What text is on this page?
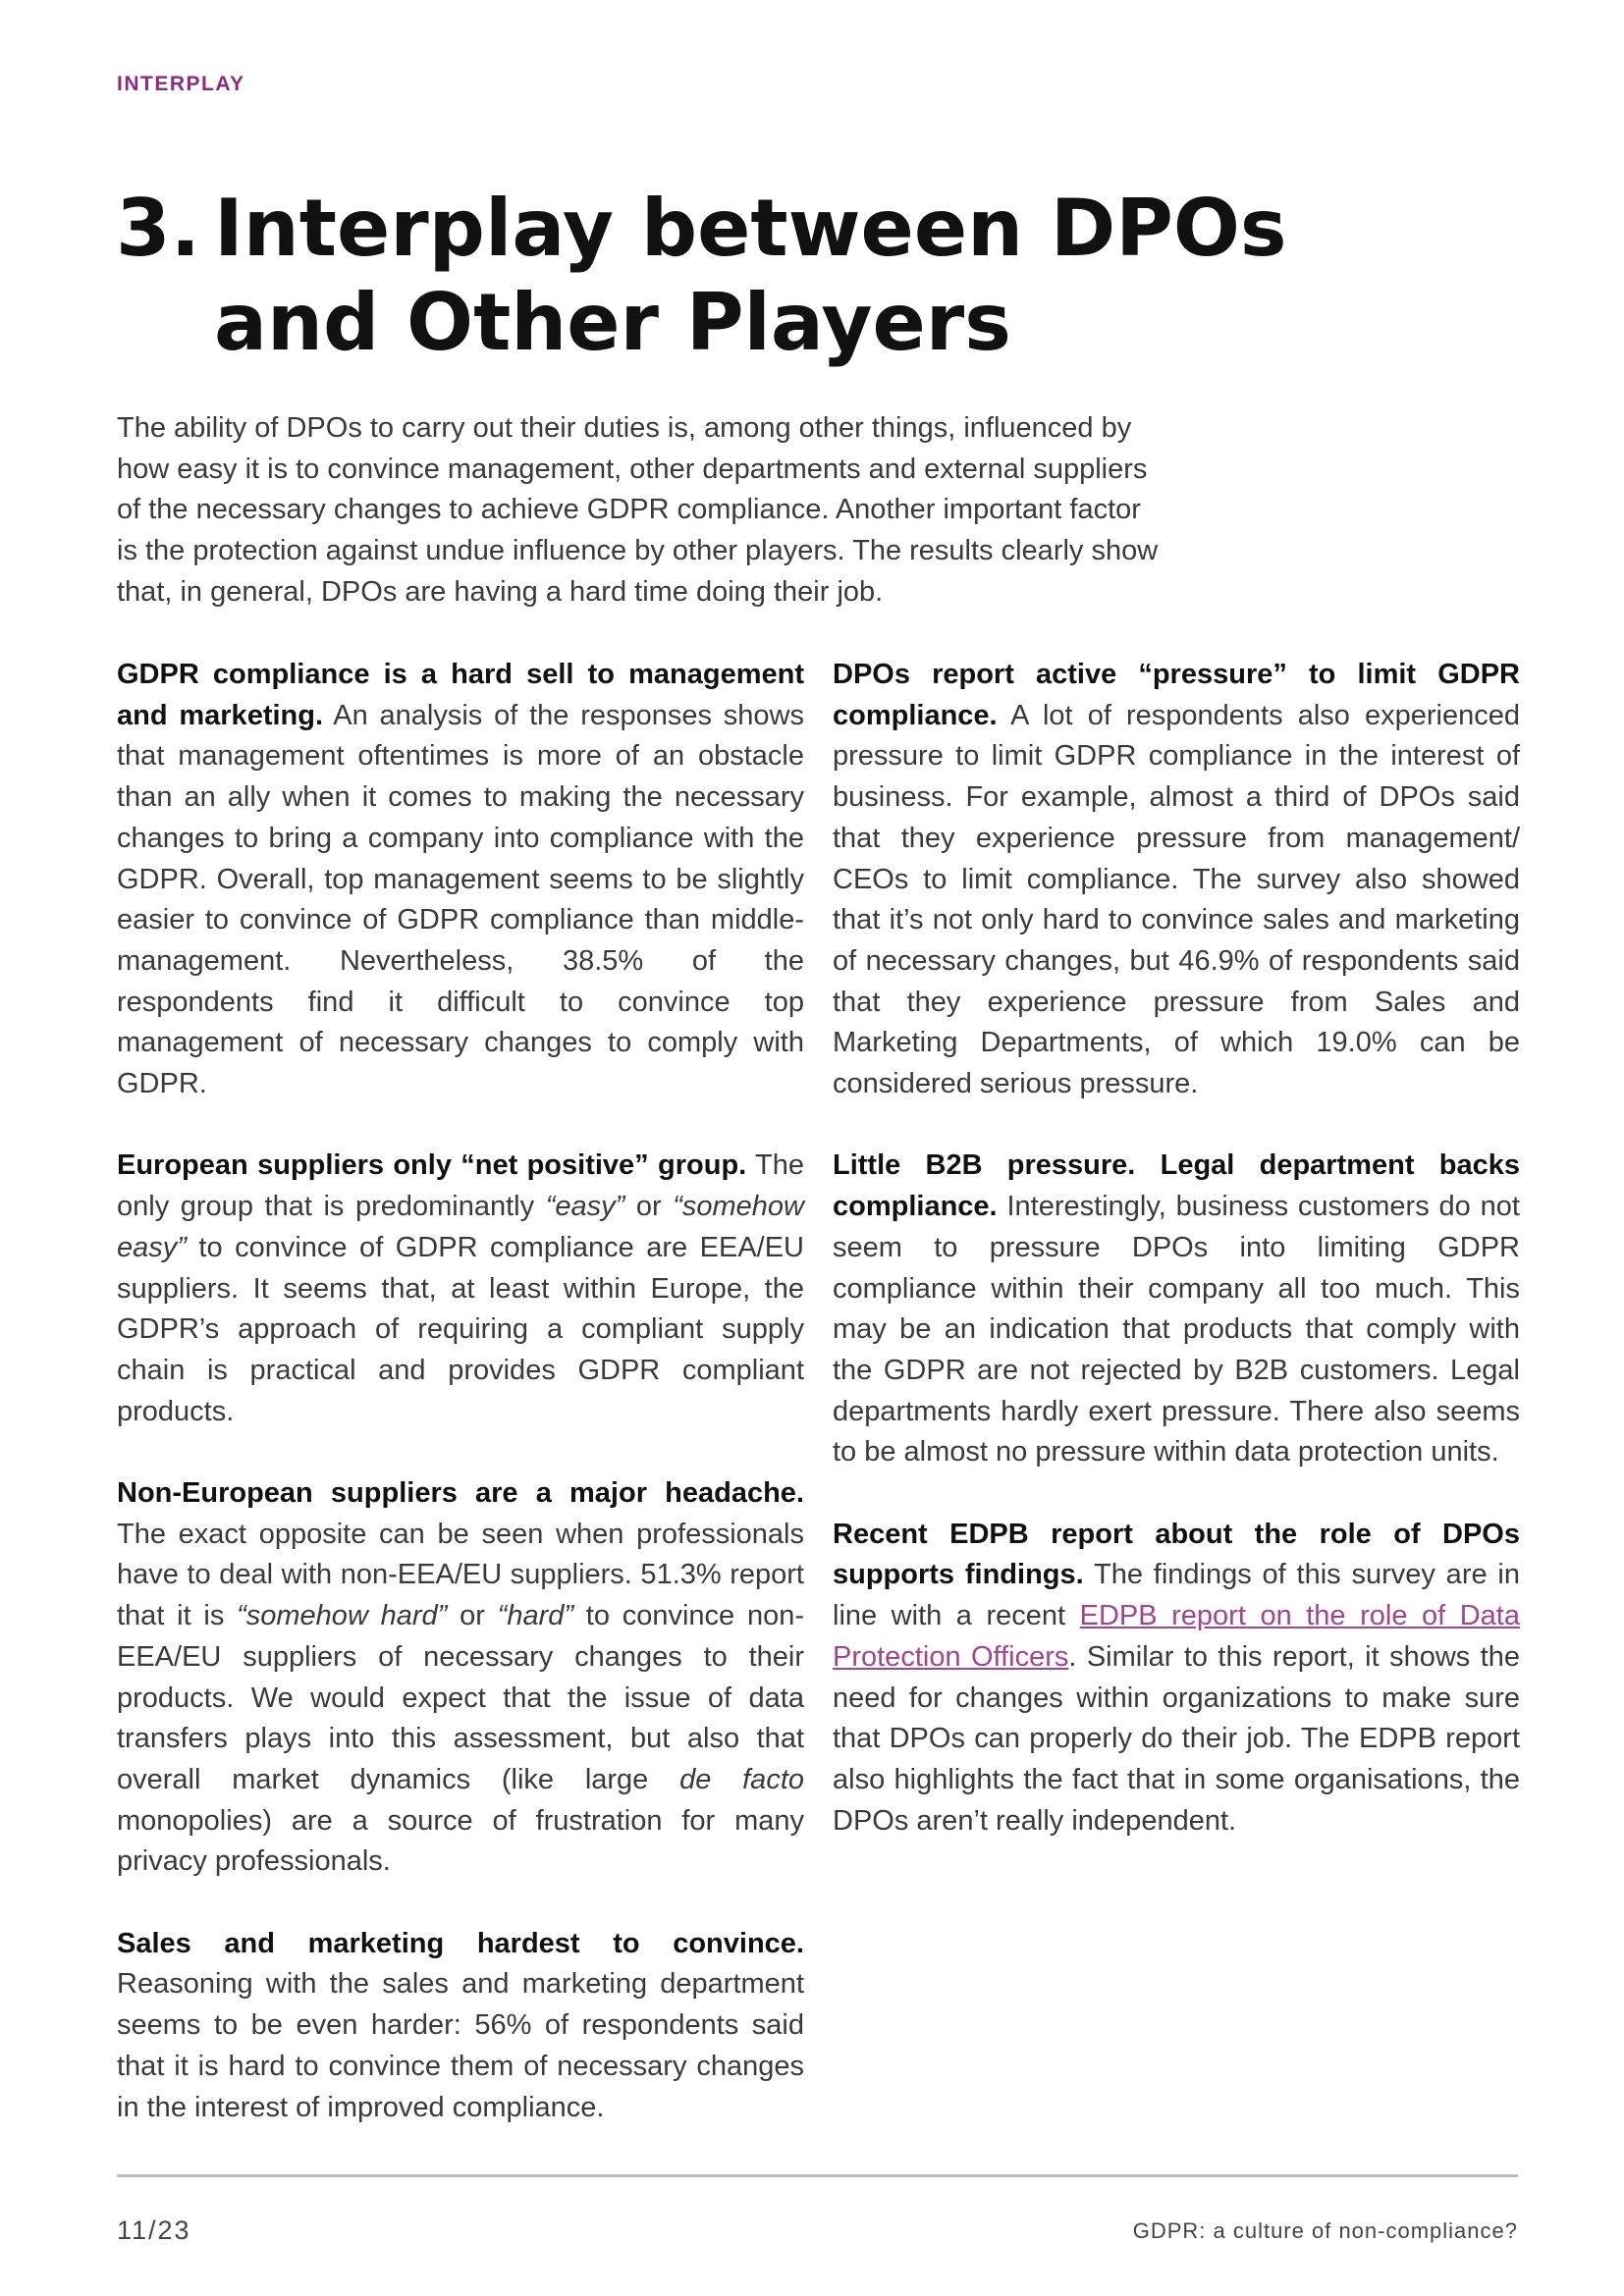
INTERPLAY
3. Interplay between DPOs and Other Players

The ability of DPOs to carry out their duties is, among other things, influenced by how easy it is to convince management, other departments and external suppliers of the necessary changes to achieve GDPR compliance. Another important factor is the protection against undue influence by other players. The results clearly show that, in general, DPOs are having a hard time doing their job.

GDPR compliance is a hard sell to management and marketing. An analysis of the responses shows that management oftentimes is more of an obstacle than an ally when it comes to making the necessary changes to bring a company into compliance with the GDPR. Overall, top management seems to be slightly easier to convince of GDPR compliance than middle-management. Nevertheless, 38.5% of the respondents find it difficult to convince top management of necessary changes to comply with GDPR.

European suppliers only “net positive” group. The only group that is predominantly “easy” or “somehow easy” to convince of GDPR compliance are EEA/EU suppliers. It seems that, at least within Europe, the GDPR’s approach of requiring a compliant supply chain is practical and provides GDPR compliant products.

Non-European suppliers are a major headache. The exact opposite can be seen when professionals have to deal with non-EEA/EU suppliers. 51.3% report that it is “somehow hard” or “hard” to convince non-EEA/EU suppliers of necessary changes to their products. We would expect that the issue of data transfers plays into this assessment, but also that overall market dynamics (like large de facto monopolies) are a source of frustration for many privacy professionals.

Sales and marketing hardest to convince. Reasoning with the sales and marketing department seems to be even harder: 56% of respondents said that it is hard to convince them of necessary changes in the interest of improved compliance.

DPOs report active “pressure” to limit GDPR compliance. A lot of respondents also experienced pressure to limit GDPR compliance in the interest of business. For example, almost a third of DPOs said that they experience pressure from management/ CEOs to limit compliance. The survey also showed that it’s not only hard to convince sales and marketing of necessary changes, but 46.9% of respondents said that they experience pressure from Sales and Marketing Departments, of which 19.0% can be considered serious pressure.

Little B2B pressure. Legal department backs compliance. Interestingly, business customers do not seem to pressure DPOs into limiting GDPR compliance within their company all too much. This may be an indication that products that comply with the GDPR are not rejected by B2B customers. Legal departments hardly exert pressure. There also seems to be almost no pressure within data protection units.

Recent EDPB report about the role of DPOs supports findings. The findings of this survey are in line with a recent EDPB report on the role of Data Protection Officers. Similar to this report, it shows the need for changes within organizations to make sure that DPOs can properly do their job. The EDPB report also highlights the fact that in some organisations, the DPOs aren’t really independent.

11/23	GDPR: a culture of non-compliance?
